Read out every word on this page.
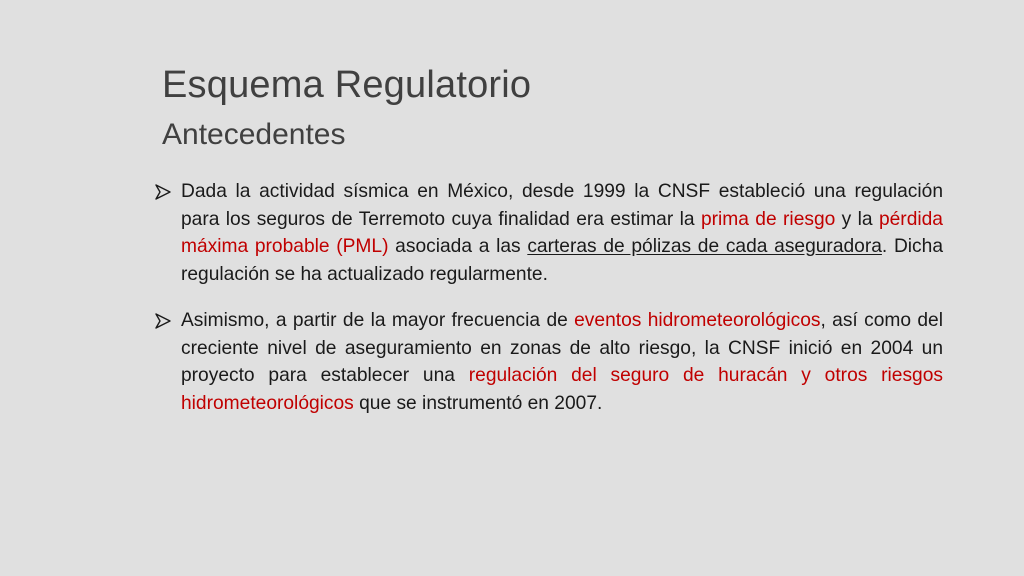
Esquema Regulatorio
Antecedentes

Dada la actividad sísmica en México, desde 1999 la CNSF estableció una regulación para los seguros de Terremoto cuya finalidad era estimar la prima de riesgo y la pérdida máxima probable (PML) asociada a las carteras de pólizas de cada aseguradora. Dicha regulación se ha actualizado regularmente.

Asimismo, a partir de la mayor frecuencia de eventos hidrometeorológicos, así como del creciente nivel de aseguramiento en zonas de alto riesgo, la CNSF inició en 2004 un proyecto para establecer una regulación del seguro de huracán y otros riesgos hidrometeorológicos que se instrumentó en 2007.
